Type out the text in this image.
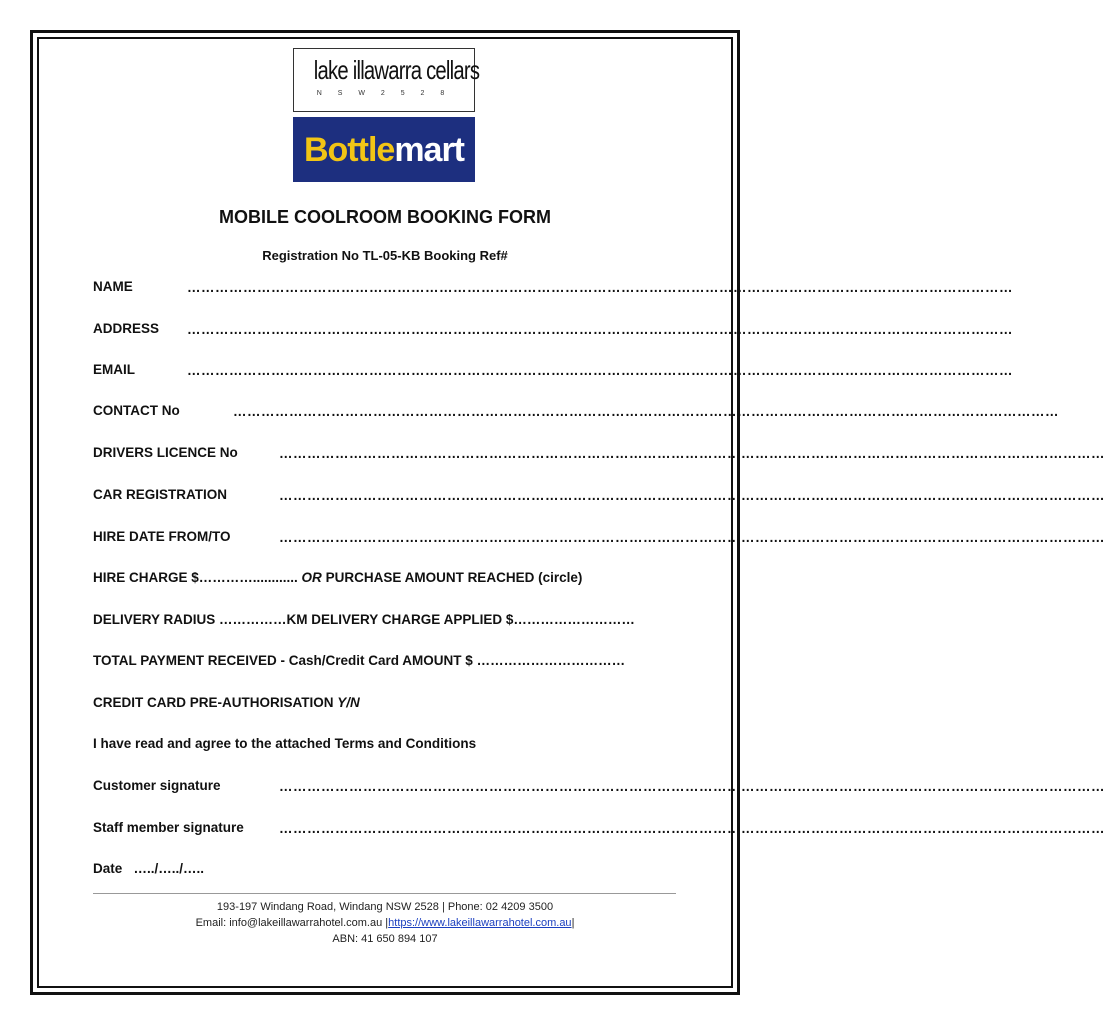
lake illawarra cellars
N S W 2 5 2 8
Bottlemart
MOBILE COOLROOM BOOKING FORM
Registration No TL-05-KB Booking Ref#
NAME	……………………………………………………………………………………………………………………………………………………………
ADDRESS ……………………………………………………………………………………………………………………………………………………………
EMAIL	……………………………………………………………………………………………………………………………………………………………
CONTACT No	……………………………………………………………………………………………………………………………………………………………
DRIVERS LICENCE No	……………………………………………………………………………………………………………………………………………………………
CAR REGISTRATION	……………………………………………………………………………………………………………………………………………………………
HIRE DATE FROM/TO	……………………………………………………………………………………………………………………………………………………………
HIRE CHARGE $…………............ OR PURCHASE AMOUNT REACHED (circle)
DELIVERY RADIUS ……………KM DELIVERY CHARGE APPLIED $………………………
TOTAL PAYMENT RECEIVED - Cash/Credit Card AMOUNT $ ……………………………
CREDIT CARD PRE-AUTHORISATION Y/N
I have read and agree to the attached Terms and Conditions
Customer signature	……………………………………………………………………………………………………………………………………………………………
Staff member signature	……………………………………………………………………………………………………………………………………………………………
Date …../…../…..
193-197 Windang Road, Windang NSW 2528 | Phone: 02 4209 3500
Email: info@lakeillawarrahotel.com.au |https://www.lakeillawarrahotel.com.au|
ABN: 41 650 894 107
